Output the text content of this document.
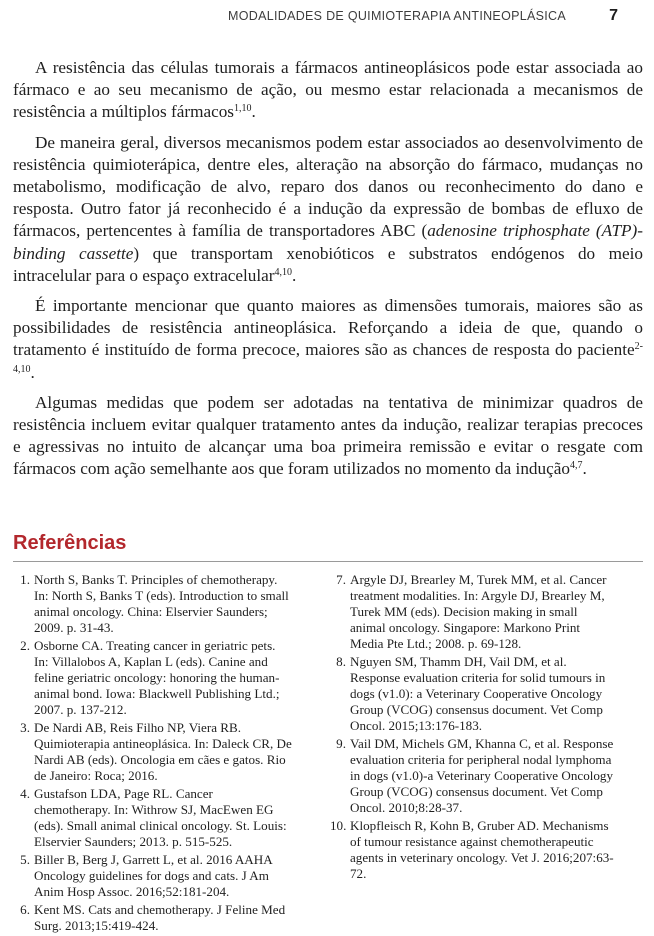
MODALIDADES DE QUIMIOTERAPIA ANTINEOPLÁSICA	7

A resistência das células tumorais a fármacos antineoplásicos pode estar associada ao fármaco e ao seu mecanismo de ação, ou mesmo estar relacionada a mecanismos de resistência a múltiplos fármacos$^{1,10}$.

De maneira geral, diversos mecanismos podem estar associados ao desenvolvimento de resistência quimioterápica, dentre eles, alteração na absorção do fármaco, mudanças no metabolismo, modificação de alvo, reparo dos danos ou reconhecimento do dano e resposta. Outro fator já reconhecido é a indução da expressão de bombas de efluxo de fármacos, pertencentes à família de transportadores ABC (adenosine triphosphate (ATP)-binding cassette) que transportam xenobióticos e substratos endógenos do meio intracelular para o espaço extracelular$^{4,10}$.

É importante mencionar que quanto maiores as dimensões tumorais, maiores são as possibilidades de resistência antineoplásica. Reforçando a ideia de que, quando o tratamento é instituído de forma precoce, maiores são as chances de resposta do paciente$^{2-4,10}$.

Algumas medidas que podem ser adotadas na tentativa de minimizar quadros de resistência incluem evitar qualquer tratamento antes da indução, realizar terapias precoces e agressivas no intuito de alcançar uma boa primeira remissão e evitar o resgate com fármacos com ação semelhante aos que foram utilizados no momento da indução$^{4,7}$.

Referências
1. North S, Banks T. Principles of chemotherapy. In: North S, Banks T (eds). Introduction to small animal oncology. China: Elservier Saunders; 2009. p. 31-43.
2. Osborne CA. Treating cancer in geriatric pets. In: Villalobos A, Kaplan L (eds). Canine and feline geriatric oncology: honoring the human-animal bond. Iowa: Blackwell Publishing Ltd.; 2007. p. 137-212.
3. De Nardi AB, Reis Filho NP, Viera RB. Quimioterapia antineoplásica. In: Daleck CR, De Nardi AB (eds). Oncologia em cães e gatos. Rio de Janeiro: Roca; 2016.
4. Gustafson LDA, Page RL. Cancer chemotherapy. In: Withrow SJ, MacEwen EG (eds). Small animal clinical oncology. St. Louis: Elservier Saunders; 2013. p. 515-525.
5. Biller B, Berg J, Garrett L, et al. 2016 AAHA Oncology guidelines for dogs and cats. J Am Anim Hosp Assoc. 2016;52:181-204.
6. Kent MS. Cats and chemotherapy. J Feline Med Surg. 2013;15:419-424.
7. Argyle DJ, Brearley M, Turek MM, et al. Cancer treatment modalities. In: Argyle DJ, Brearley M, Turek MM (eds). Decision making in small animal oncology. Singapore: Markono Print Media Pte Ltd.; 2008. p. 69-128.
8. Nguyen SM, Thamm DH, Vail DM, et al. Response evaluation criteria for solid tumours in dogs (v1.0): a Veterinary Cooperative Oncology Group (VCOG) consensus document. Vet Comp Oncol. 2015;13:176-183.
9. Vail DM, Michels GM, Khanna C, et al. Response evaluation criteria for peripheral nodal lymphoma in dogs (v1.0)-a Veterinary Cooperative Oncology Group (VCOG) consensus document. Vet Comp Oncol. 2010;8:28-37.
10. Klopfleisch R, Kohn B, Gruber AD. Mechanisms of tumour resistance against chemotherapeutic agents in veterinary oncology. Vet J. 2016;207:63-72.
